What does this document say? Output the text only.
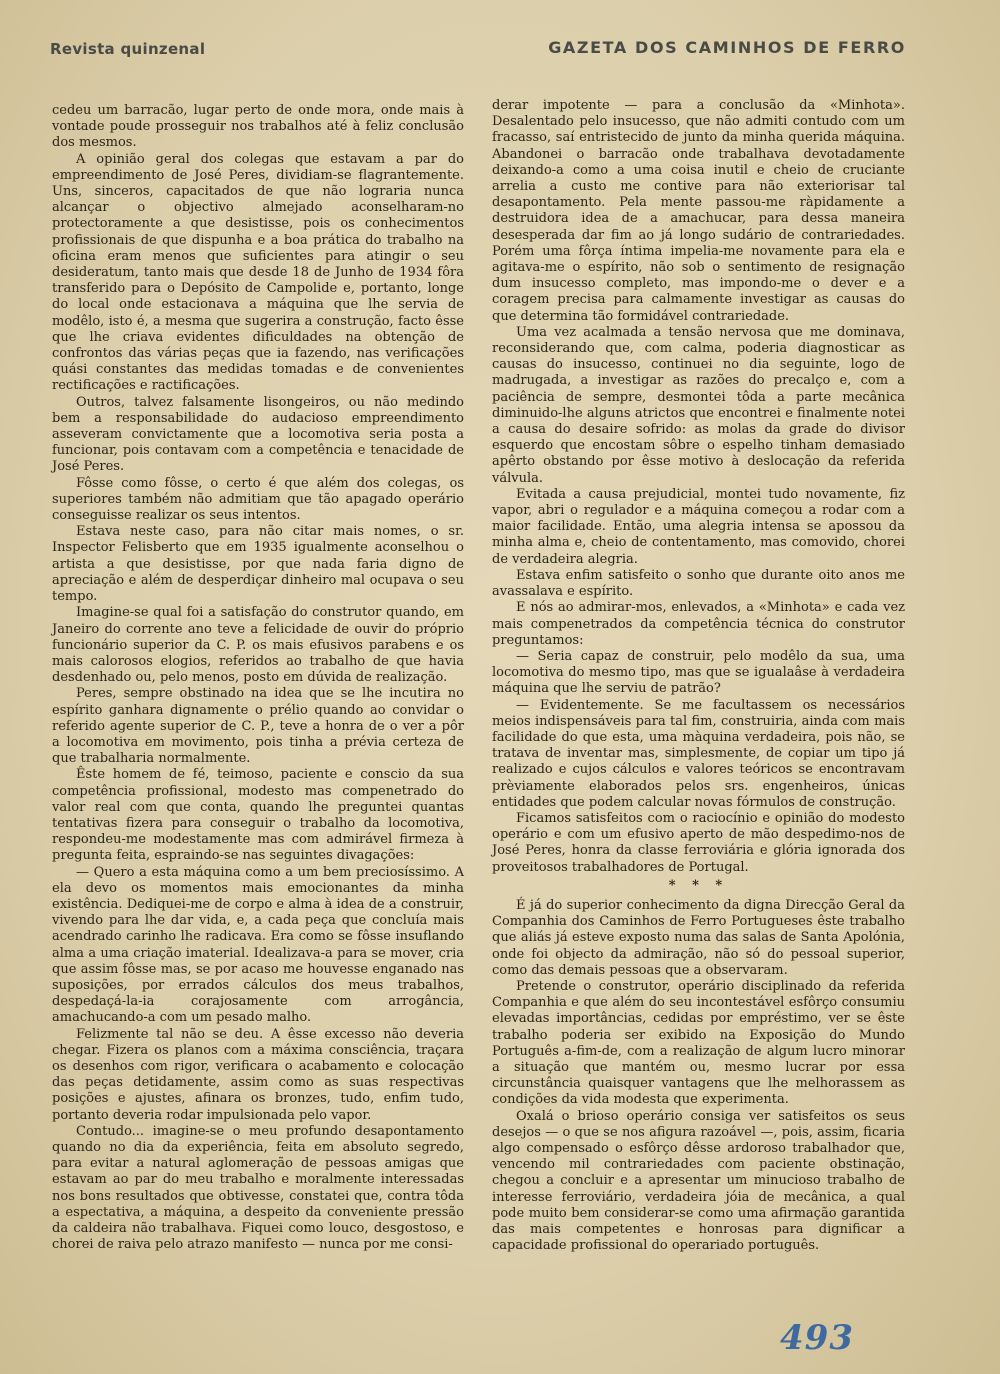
Revista quinzenal	GAZETA DOS CAMINHOS DE FERRO

cedeu um barracão, lugar perto de onde mora, onde mais à vontade poude prosseguir nos trabalhos até à feliz conclusão dos mesmos.

A opinião geral dos colegas que estavam a par do empreendimento de José Peres, dividiam-se flagrantemente. Uns, sinceros, capacitados de que não lograria nunca alcançar o objectivo almejado aconselharam-no protectoramente a que desistisse, pois os conhecimentos profissionais de que dispunha e a boa prática do trabalho na oficina eram menos que suficientes para atingir o seu desideratum, tanto mais que desde 18 de Junho de 1934 fôra transferido para o Depósito de Campolide e, portanto, longe do local onde estacionava a máquina que lhe servia de modêlo, isto é, a mesma que sugerira a construção, facto êsse que lhe criava evidentes dificuldades na obtenção de confrontos das várias peças que ia fazendo, nas verificações quási constantes das medidas tomadas e de convenientes rectificações e ractificações.

Outros, talvez falsamente lisongeiros, ou não medindo bem a responsabilidade do audacioso empreendimento asseveram convictamente que a locomotiva seria posta a funcionar, pois contavam com a competência e tenacidade de José Peres.

Fôsse como fôsse, o certo é que além dos colegas, os superiores também não admitiam que tão apagado operário conseguisse realizar os seus intentos.

Estava neste caso, para não citar mais nomes, o sr. Inspector Felisberto que em 1935 igualmente aconselhou o artista a que desistisse, por que nada faria digno de apreciação e além de desperdiçar dinheiro mal ocupava o seu tempo.

Imagine-se qual foi a satisfação do construtor quando, em Janeiro do corrente ano teve a felicidade de ouvir do próprio funcionário superior da C. P. os mais efusivos parabens e os mais calorosos elogios, referidos ao trabalho de que havia desdenhado ou, pelo menos, posto em dúvida de realização.

Peres, sempre obstinado na idea que se lhe incutira no espírito ganhara dignamente o prélio quando ao convidar o referido agente superior de C. P., teve a honra de o ver a pôr a locomotiva em movimento, pois tinha a prévia certeza de que trabalharia normalmente.

Êste homem de fé, teimoso, paciente e conscio da sua competência profissional, modesto mas compenetrado do valor real com que conta, quando lhe preguntei quantas tentativas fizera para conseguir o trabalho da locomotiva, respondeu-me modestamente mas com admirável firmeza à pregunta feita, espraindo-se nas seguintes divagações:

— Quero a esta máquina como a um bem preciosíssimo. A ela devo os momentos mais emocionantes da minha existência. Dediquei-me de corpo e alma à idea de a construir, vivendo para lhe dar vida, e, a cada peça que concluía mais acendrado carinho lhe radicava. Era como se fôsse insuflando alma a uma criação imaterial. Idealizava-a para se mover, cria que assim fôsse mas, se por acaso me houvesse enganado nas suposições, por errados cálculos dos meus trabalhos, despedaçá-la-ia corajosamente com arrogância, amachucando-a com um pesado malho.

Felizmente tal não se deu. A êsse excesso não deveria chegar. Fizera os planos com a máxima consciência, traçara os desenhos com rigor, verificara o acabamento e colocação das peças detidamente, assim como as suas respectivas posições e ajustes, afinara os bronzes, tudo, enfim tudo, portanto deveria rodar impulsionada pelo vapor.

Contudo... imagine-se o meu profundo desapontamento quando no dia da experiência, feita em absoluto segredo, para evitar a natural aglomeração de pessoas amigas que estavam ao par do meu trabalho e moralmente interessadas nos bons resultados que obtivesse, constatei que, contra tôda a espectativa, a máquina, a despeito da conveniente pressão da caldeira não trabalhava. Fiquei como louco, desgostoso, e chorei de raiva pelo atrazo manifesto — nunca por me consi-

derar impotente — para a conclusão da «Minhota». Desalentado pelo insucesso, que não admiti contudo com um fracasso, saí entristecido de junto da minha querida máquina. Abandonei o barracão onde trabalhava devotadamente deixando-a como a uma coisa inutil e cheio de cruciante arrelia a custo me contive para não exteriorisar tal desapontamento. Pela mente passou-me ràpidamente a destruidora idea de a amachucar, para dessa maneira desesperada dar fim ao já longo sudário de contrariedades. Porém uma fôrça íntima impelia-me novamente para ela e agitava-me o espírito, não sob o sentimento de resignação dum insucesso completo, mas impondo-me o dever e a coragem precisa para calmamente investigar as causas do que determina tão formidável contrariedade.

Uma vez acalmada a tensão nervosa que me dominava, reconsiderando que, com calma, poderia diagnosticar as causas do insucesso, continuei no dia seguinte, logo de madrugada, a investigar as razões do precalço e, com a paciência de sempre, desmontei tôda a parte mecânica diminuido-lhe alguns atrictos que encontrei e finalmente notei a causa do desaire sofrido: as molas da grade do divisor esquerdo que encostam sôbre o espelho tinham demasiado apêrto obstando por êsse motivo à deslocação da referida válvula.

Evitada a causa prejudicial, montei tudo novamente, fiz vapor, abri o regulador e a máquina começou a rodar com a maior facilidade. Então, uma alegria intensa se apossou da minha alma e, cheio de contentamento, mas comovido, chorei de verdadeira alegria.

Estava enfim satisfeito o sonho que durante oito anos me avassalava e espírito.

E nós ao admirar-mos, enlevados, a «Minhota» e cada vez mais compenetrados da competência técnica do construtor preguntamos:

— Seria capaz de construir, pelo modêlo da sua, uma locomotiva do mesmo tipo, mas que se igualaâse à verdadeira máquina que lhe serviu de patrão?

— Evidentemente. Se me facultassem os necessários meios indispensáveis para tal fim, construiria, ainda com mais facilidade do que esta, uma màquina verdadeira, pois não, se tratava de inventar mas, simplesmente, de copiar um tipo já realizado e cujos cálculos e valores teóricos se encontravam prèviamente elaborados pelos srs. engenheiros, únicas entidades que podem calcular novas fórmulos de construção.

Ficamos satisfeitos com o raciocínio e opinião do modesto operário e com um efusivo aperto de mão despedimo-nos de José Peres, honra da classe ferroviária e glória ignorada dos proveitosos trabalhadores de Portugal.

* * *

É já do superior conhecimento da digna Direcção Geral da Companhia dos Caminhos de Ferro Portugueses êste trabalho que aliás já esteve exposto numa das salas de Santa Apolónia, onde foi objecto da admiração, não só do pessoal superior, como das demais pessoas que a observaram.

Pretende o construtor, operário disciplinado da referida Companhia e que além do seu incontestável esfôrço consumiu elevadas importâncias, cedidas por empréstimo, ver se êste trabalho poderia ser exibido na Exposição do Mundo Português a-fim-de, com a realização de algum lucro minorar a situação que mantém ou, mesmo lucrar por essa circunstância quaisquer vantagens que lhe melhorassem as condições da vida modesta que experimenta.

Oxalá o brioso operário consiga ver satisfeitos os seus desejos — o que se nos afigura razoável —, pois, assim, ficaria algo compensado o esfôrço dêsse ardoroso trabalhador que, vencendo mil contrariedades com paciente obstinação, chegou a concluir e a apresentar um minucioso trabalho de interesse ferroviário, verdadeira jóia de mecânica, a qual pode muito bem considerar-se como uma afirmação garantida das mais competentes e honrosas para dignificar a capacidade profissional do operariado português.

493
